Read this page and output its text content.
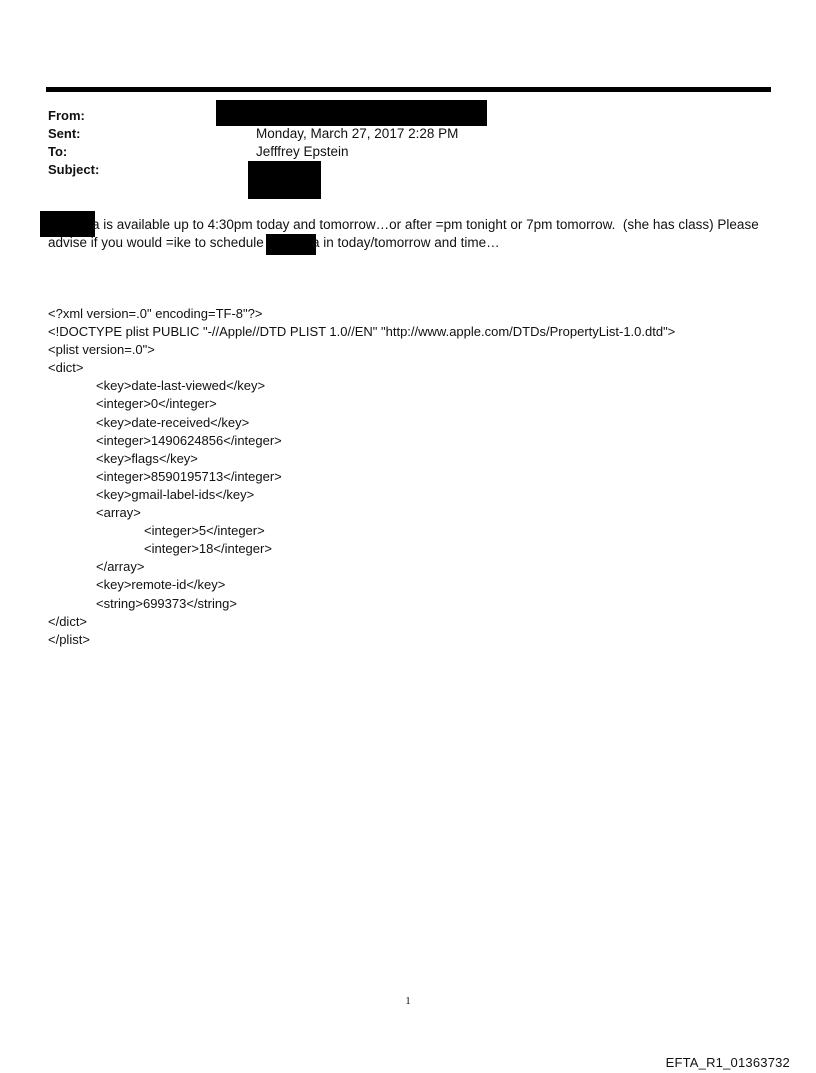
From:
Sent:
To:
Subject:
Monday, March 27, 2017 2:28 PM
Jefffrey Epstein
a is available up to 4:30pm today and tomorrow…or after =pm tonight or 7pm tomorrow.  (she has class) Please
advise if you would =ike to schedule	a in today/tomorrow and time…
<?xml version=.0" encoding=TF-8"?>
<!DOCTYPE plist PUBLIC "-//Apple//DTD PLIST 1.0//EN" "http://www.apple.com/DTDs/PropertyList-1.0.dtd">
<plist version=.0">
<dict>
<key>date-last-viewed</key>
<integer>0</integer>
<key>date-received</key>
<integer>1490624856</integer>
<key>flags</key>
<integer>8590195713</integer>
<key>gmail-label-ids</key>
<array>
<integer>5</integer>
<integer>18</integer>
</array>
<key>remote-id</key>
<string>699373</string>
</dict>
</plist>
1
EFTA_R1_01363732
